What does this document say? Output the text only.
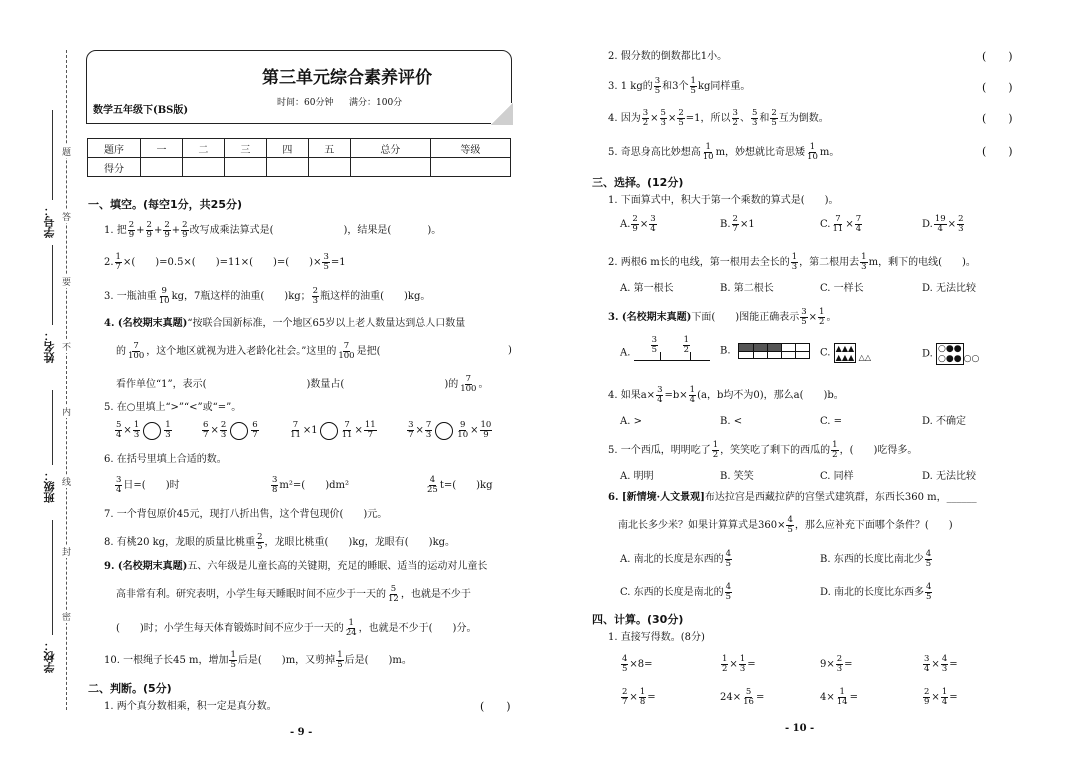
学号：
姓名：
班级：
学校：
题
答
要
不
内
线
封
密
第三单元综合素养评价
数学五年级下(BS版)
时间：60分钟 满分：100分
题序	一	二	三	四	五	总分	等级
得分							
一、填空。(每空1分，共25分)
1. 把 $\frac{2}{9} + \frac{2}{9} + \frac{2}{9} + \frac{2}{9}$ 改写成乘法算式是(	)，结果是(	)。
2. $\frac{1}{7}$ ×(　　)=0.5×(　　)=11×(　　)=(　　)× $\frac{3}{5} =1$
3. 一瓶油重 $\frac{9}{10}$ kg，7瓶这样的油重(　　)kg； $\frac{2}{3}$ 瓶这样的油重(　　)kg。
4. (名校期末真题)“按联合国新标准，一个地区65岁以上老人数量达到总人口数量
的 $\frac{7}{100}$ ，这个地区就视为进入老龄化社会。”这里的 $\frac{7}{100}$ 是把(	)
看作单位“1”，表示(	)数量占(	)的 $\frac{7}{100}$ 。
5. 在○里填上“>”“<”或“=”。
$\frac{5}{4} \times \frac{1}{3}$	$\frac{1}{3}$
	$\frac{6}{7} \times \frac{2}{3}$	$\frac{6}{7}$
	$\frac{7}{11} \times 1$	$\frac{7}{11} \times \frac{11}{7}$
	$\frac{3}{7} \times \frac{7}{3}$	$\frac{9}{10} \times \frac{10}{9}$
6. 在括号里填上合适的数。
$\frac{3}{4}$ 日=(　　)时	$\frac{3}{8} m^2=$(　　)dm²	$\frac{4}{25} t=$(　　)kg
7. 一个背包原价45元，现打八折出售，这个背包现价(　　)元。
8. 有桃20 kg，龙眼的质量比桃重 $\frac{2}{5}$ ，龙眼比桃重(　　)kg，龙眼有(　　)kg。
9. (名校期末真题)五、六年级是儿童长高的关键期，充足的睡眠、适当的运动对儿童长
高非常有利。研究表明，小学生每天睡眠时间不应少于一天的 $\frac{5}{12}$ ，也就是不少于
(　　)时；小学生每天体育锻炼时间不应少于一天的 $\frac{1}{24}$ ，也就是不少于(　　)分。
10. 一根绳子长45 m，增加 $\frac{1}{5}$ 后是(　　)m，又剪掉 $\frac{1}{5}$ 后是(　　)m。
二、判断。(5分)
1. 两个真分数相乘，积一定是真分数。	(　　)
- 9 -
2. 假分数的倒数都比1小。	(　　)
3. 1 kg的 $\frac{3}{5}$ 和3个 $\frac{1}{5}$ kg同样重。	(　　)
4. 因为 $\frac{3}{2} \times \frac{5}{3} \times \frac{2}{5} =1$，所以 $\frac{3}{2}$ 、 $\frac{5}{3}$ 和 $\frac{2}{5}$ 互为倒数。	(　　)
5. 奇思身高比妙想高 $\frac{1}{10}$ m，妙想就比奇思矮 $\frac{1}{10}$ m。	(　　)
三、选择。(12分)
1. 下面算式中，积大于第一个乘数的算式是(　　)。
A. $\frac{2}{9} \times \frac{3}{4}$	B. $\frac{2}{7} \times 1$	C. $\frac{7}{11} \times \frac{7}{4}$	D. $\frac{19}{4} \times \frac{2}{3}$
2. 两根6 m长的电线，第一根用去全长的 $\frac{1}{3}$ ，第二根用去 $\frac{1}{3}$ m，剩下的电线(　　)。
A. 第一根长	B. 第二根长	C. 一样长	D. 无法比较
3. (名校期末真题)下面(　　)图能正确表示 $\frac{3}{5} \times \frac{1}{2}$ 。
A.
3
5
1
2	B.	C. ▲▲▲
▲▲▲ △△	D. ○●●
○●● ○○

4. 如果$a\times \frac{3}{4} =b\times \frac{1}{4} (a$，b均不为0)，那么a(　　)b。
A. >	B. <	C. =	D. 不确定
5. 一个西瓜，明明吃了 $\frac{1}{2}$ ，笑笑吃了剩下的西瓜的 $\frac{1}{2}$ ，(　　)吃得多。
A. 明明	B. 笑笑	C. 同样	D. 无法比较
6. [新情境·人文景观]布达拉宫是西藏拉萨的宫堡式建筑群，东西长360 m，______
南北长多少米？如果计算算式是$360\times \frac{4}{5}$ ，那么应补充下面哪个条件？(　　)
A. 南北的长度是东西的 $\frac{4}{5}$	B. 东西的长度比南北少 $\frac{4}{5}$
C. 东西的长度是南北的 $\frac{4}{5}$	D. 南北的长度比东西多 $\frac{4}{5}$
四、计算。(30分)
1. 直接写得数。(8分)
$\frac{4}{5} \times 8=$	$\frac{1}{2} \times \frac{1}{3}$ =	$9\times \frac{2}{3}$ =	$\frac{3}{4} \times \frac{4}{3}$ =
$\frac{2}{7} \times \frac{1}{8}$ =	$24\times \frac{5}{16}$ =	$4\times \frac{1}{14}$ =	$\frac{2}{9} \times \frac{1}{4}$ =
- 10 -
